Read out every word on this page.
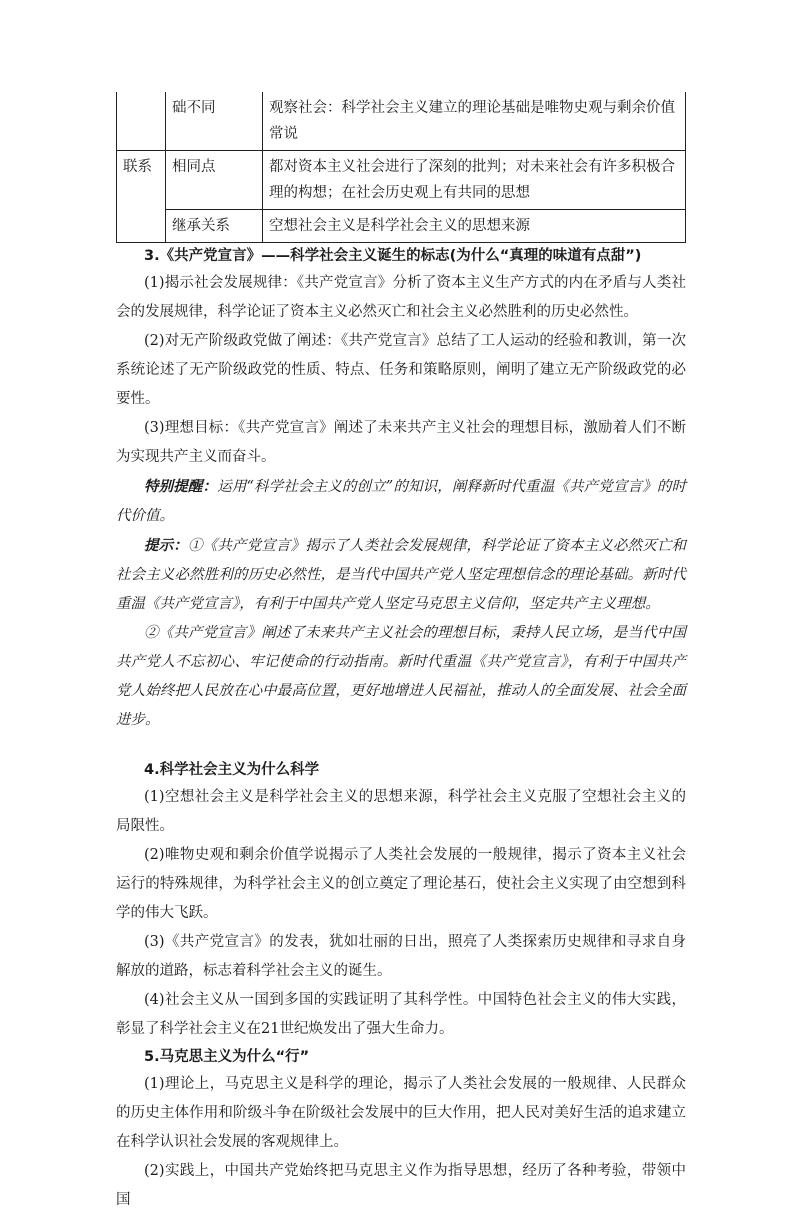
	础不同	观察社会：科学社会主义建立的理论基础是唯物史观与剩余价值常说
联系	相同点	都对资本主义社会进行了深刻的批判；对未来社会有许多积极合理的构想；在社会历史观上有共同的思想
	继承关系	空想社会主义是科学社会主义的思想来源
3.《共产党宣言》——科学社会主义诞生的标志(为什么“真理的味道有点甜”)

(1)揭示社会发展规律：《共产党宣言》分析了资本主义生产方式的内在矛盾与人类社会的发展规律，科学论证了资本主义必然灭亡和社会主义必然胜利的历史必然性。

(2)对无产阶级政党做了阐述：《共产党宣言》总结了工人运动的经验和教训，第一次系统论述了无产阶级政党的性质、特点、任务和策略原则，阐明了建立无产阶级政党的必要性。

(3)理想目标：《共产党宣言》阐述了未来共产主义社会的理想目标，激励着人们不断为实现共产主义而奋斗。

特别提醒：运用“科学社会主义的创立”的知识，阐释新时代重温《共产党宣言》的时代价值。

提示：①《共产党宣言》揭示了人类社会发展规律，科学论证了资本主义必然灭亡和社会主义必然胜利的历史必然性，是当代中国共产党人坚定理想信念的理论基础。新时代重温《共产党宣言》，有利于中国共产党人坚定马克思主义信仰，坚定共产主义理想。

②《共产党宣言》阐述了未来共产主义社会的理想目标，秉持人民立场，是当代中国共产党人不忘初心、牢记使命的行动指南。新时代重温《共产党宣言》，有利于中国共产党人始终把人民放在心中最高位置，更好地增进人民福祉，推动人的全面发展、社会全面进步。

4.科学社会主义为什么科学

(1)空想社会主义是科学社会主义的思想来源，科学社会主义克服了空想社会主义的局限性。

(2)唯物史观和剩余价值学说揭示了人类社会发展的一般规律，揭示了资本主义社会运行的特殊规律，为科学社会主义的创立奠定了理论基石，使社会主义实现了由空想到科学的伟大飞跃。

(3)《共产党宣言》的发表，犹如壮丽的日出，照亮了人类探索历史规律和寻求自身解放的道路，标志着科学社会主义的诞生。

(4)社会主义从一国到多国的实践证明了其科学性。中国特色社会主义的伟大实践，彰显了科学社会主义在21世纪焕发出了强大生命力。

5.马克思主义为什么“行”

(1)理论上，马克思主义是科学的理论，揭示了人类社会发展的一般规律、人民群众的历史主体作用和阶级斗争在阶级社会发展中的巨大作用，把人民对美好生活的追求建立在科学认识社会发展的客观规律上。

(2)实践上，中国共产党始终把马克思主义作为指导思想，经历了各种考验，带领中国
